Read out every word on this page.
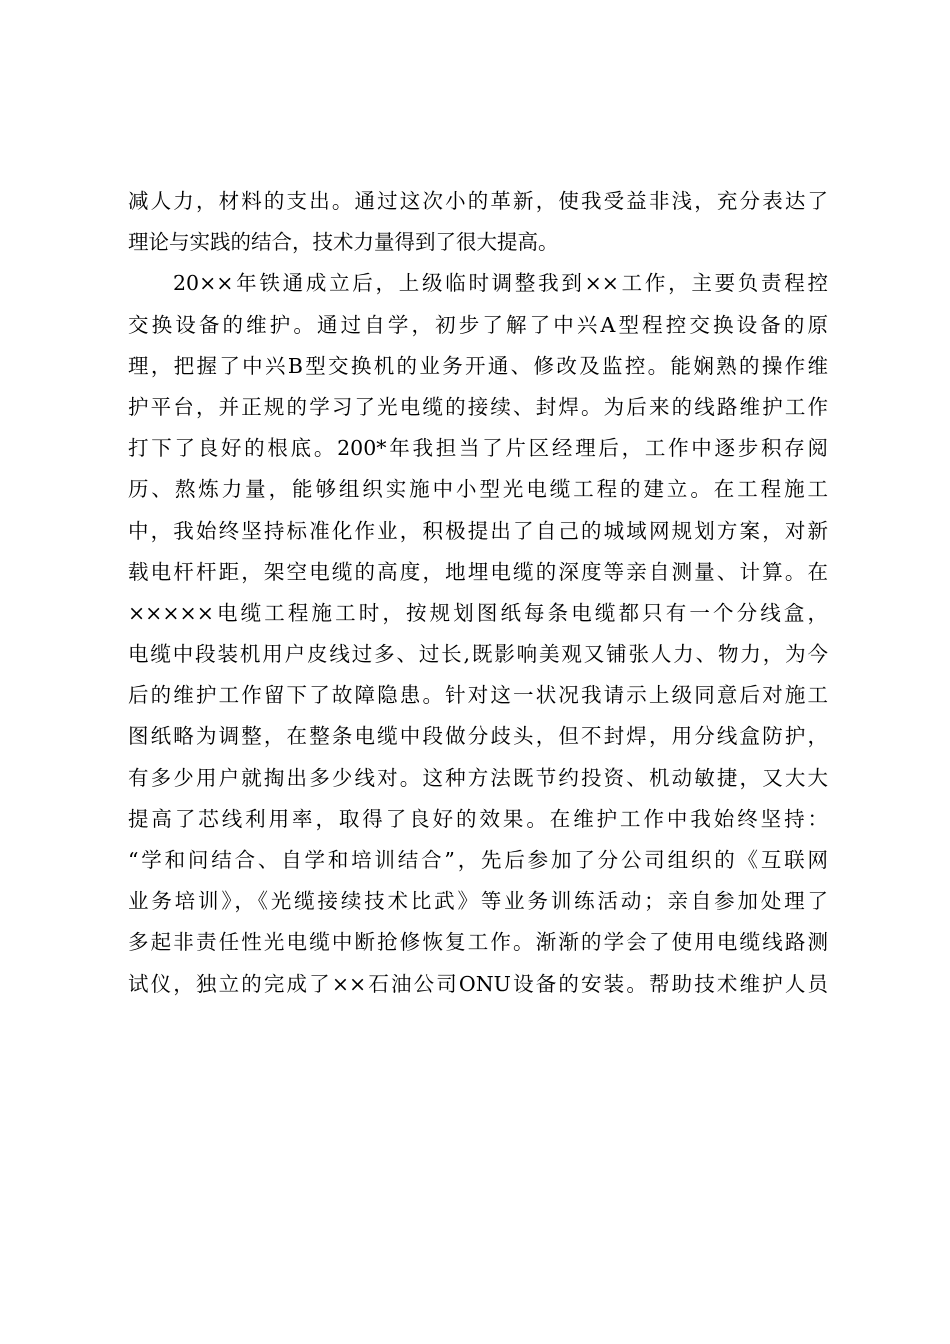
减人力，材料的支出。通过这次小的革新，使我受益非浅，充分表达了
理论与实践的结合，技术力量得到了很大提高。
20××年铁通成立后，上级临时调整我到××工作，主要负责程控
交换设备的维护。通过自学，初步了解了中兴A型程控交换设备的原
理，把握了中兴B型交换机的业务开通、修改及监控。能娴熟的操作维
护平台，并正规的学习了光电缆的接续、封焊。为后来的线路维护工作
打下了良好的根底。200*年我担当了片区经理后，工作中逐步积存阅
历、熬炼力量，能够组织实施中小型光电缆工程的建立。在工程施工
中，我始终坚持标准化作业，积极提出了自己的城域网规划方案，对新
载电杆杆距，架空电缆的高度，地埋电缆的深度等亲自测量、计算。在
×××××电缆工程施工时，按规划图纸每条电缆都只有一个分线盒，
电缆中段装机用户皮线过多、过长,既影响美观又铺张人力、物力，为今
后的维护工作留下了故障隐患。针对这一状况我请示上级同意后对施工
图纸略为调整，在整条电缆中段做分歧头，但不封焊，用分线盒防护，
有多少用户就掏出多少线对。这种方法既节约投资、机动敏捷，又大大
提高了芯线利用率，取得了良好的效果。在维护工作中我始终坚持：
“学和问结合、自学和培训结合”，先后参加了分公司组织的《互联网
业务培训》，《光缆接续技术比武》等业务训练活动；亲自参加处理了
多起非责任性光电缆中断抢修恢复工作。渐渐的学会了使用电缆线路测
试仪，独立的完成了××石油公司ONU设备的安装。帮助技术维护人员
